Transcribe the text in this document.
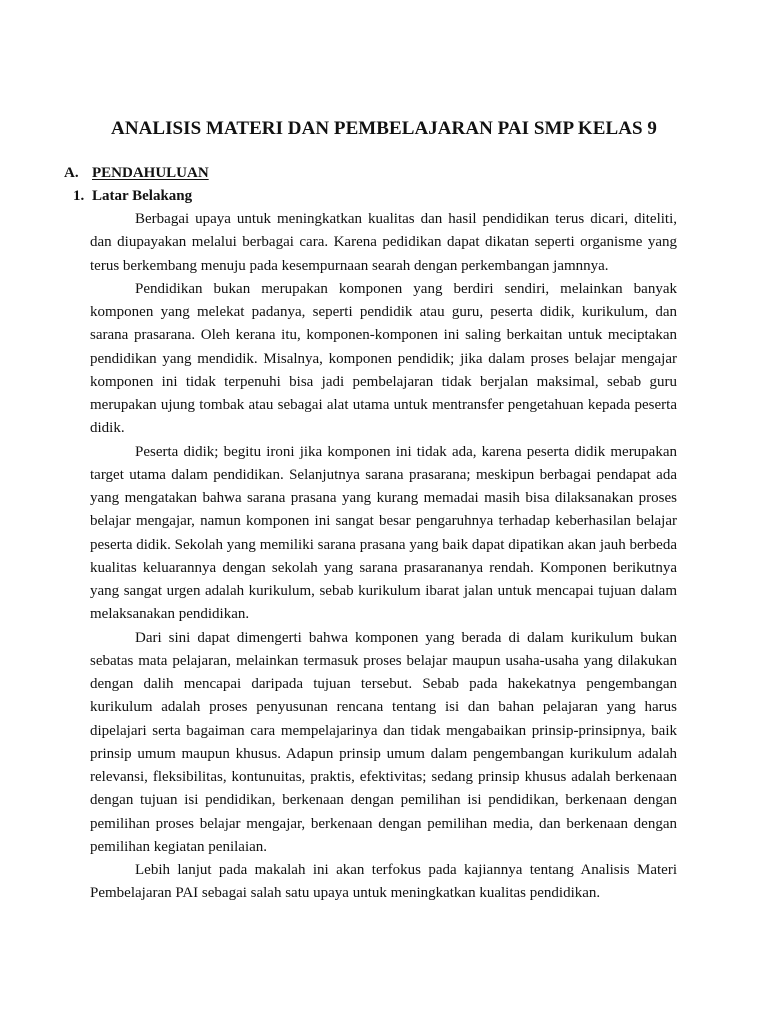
ANALISIS MATERI DAN PEMBELAJARAN PAI SMP KELAS 9
A. PENDAHULUAN
1. Latar Belakang

Berbagai upaya untuk meningkatkan kualitas dan hasil pendidikan terus dicari, diteliti, dan diupayakan melalui berbagai cara. Karena pedidikan dapat dikatan seperti organisme yang terus berkembang menuju pada kesempurnaan searah dengan perkembangan jamnnya.

Pendidikan bukan merupakan komponen yang berdiri sendiri, melainkan banyak komponen yang melekat padanya, seperti pendidik atau guru, peserta didik, kurikulum, dan sarana prasarana. Oleh kerana itu, komponen-komponen ini saling berkaitan untuk meciptakan pendidikan yang mendidik. Misalnya, komponen pendidik; jika dalam proses belajar mengajar komponen ini tidak terpenuhi bisa jadi pembelajaran tidak berjalan maksimal, sebab guru merupakan ujung tombak atau sebagai alat utama untuk mentransfer pengetahuan kepada peserta didik.

Peserta didik; begitu ironi jika komponen ini tidak ada, karena peserta didik merupakan target utama dalam pendidikan. Selanjutnya sarana prasarana; meskipun berbagai pendapat ada yang mengatakan bahwa sarana prasana yang kurang memadai masih bisa dilaksanakan proses belajar mengajar, namun komponen ini sangat besar pengaruhnya terhadap keberhasilan belajar peserta didik. Sekolah yang memiliki sarana prasana yang baik dapat dipatikan akan jauh berbeda kualitas keluarannya dengan sekolah yang sarana prasarananya rendah. Komponen berikutnya yang sangat urgen adalah kurikulum, sebab kurikulum ibarat jalan untuk mencapai tujuan dalam melaksanakan pendidikan.

Dari sini dapat dimengerti bahwa komponen yang berada di dalam kurikulum bukan sebatas mata pelajaran, melainkan termasuk proses belajar maupun usaha-usaha yang dilakukan dengan dalih mencapai daripada tujuan tersebut. Sebab pada hakekatnya pengembangan kurikulum adalah proses penyusunan rencana tentang isi dan bahan pelajaran yang harus dipelajari serta bagaiman cara mempelajarinya dan tidak mengabaikan prinsip-prinsipnya, baik prinsip umum maupun khusus. Adapun prinsip umum dalam pengembangan kurikulum adalah relevansi, fleksibilitas, kontunuitas, praktis, efektivitas; sedang prinsip khusus adalah berkenaan dengan tujuan isi pendidikan, berkenaan dengan pemilihan isi pendidikan, berkenaan dengan pemilihan proses belajar mengajar, berkenaan dengan pemilihan media, dan berkenaan dengan pemilihan kegiatan penilaian.

Lebih lanjut pada makalah ini akan terfokus pada kajiannya tentang Analisis Materi Pembelajaran PAI sebagai salah satu upaya untuk meningkatkan kualitas pendidikan.
